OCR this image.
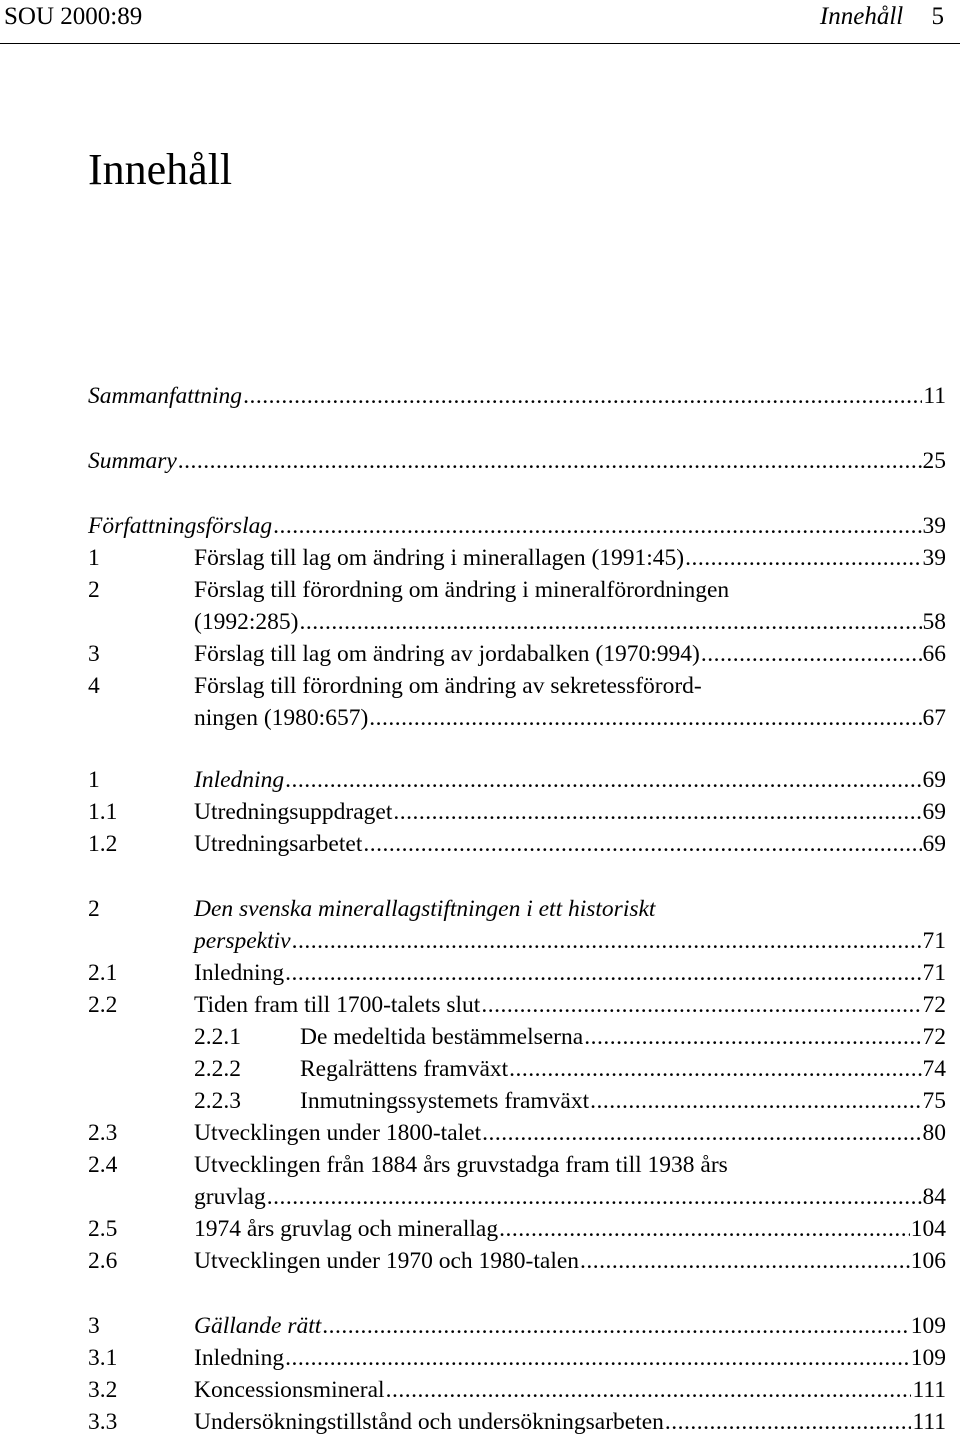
SOU 2000:89	Innehåll 5
Innehåll
Sammanfattning .....	11
Summary .....	25
Författningsförslag .....	39
1	Förslag till lag om ändring i minerallagen (1991:45) .....	39
2	Förslag till förordning om ändring i mineralförordningen
(1992:285) .....	58
3	Förslag till lag om ändring av jordabalken (1970:994) .....	66
4	Förslag till förordning om ändring av sekretessförord-
ningen (1980:657) .....	67
1	Inledning .....	69
1.1	Utredningsuppdraget .....	69
1.2	Utredningsarbetet .....	69
2	Den svenska minerallagstiftningen i ett historiskt
perspektiv .....	71
2.1	Inledning .....	71
2.2	Tiden fram till 1700-talets slut .....	72
2.2.1	De medeltida bestämmelserna .....	72
2.2.2	Regalrättens framväxt .....	74
2.2.3	Inmutningssystemets framväxt .....	75
2.3	Utvecklingen under 1800-talet .....	80
2.4	Utvecklingen från 1884 års gruvstadga fram till 1938 års
gruvlag .....	84
2.5	1974 års gruvlag och minerallag .....	104
2.6	Utvecklingen under 1970 och 1980-talen .....	106
3	Gällande rätt .....	109
3.1	Inledning .....	109
3.2	Koncessionsmineral .....	111
3.3	Undersökningstillstånd och undersökningsarbeten .....	111
